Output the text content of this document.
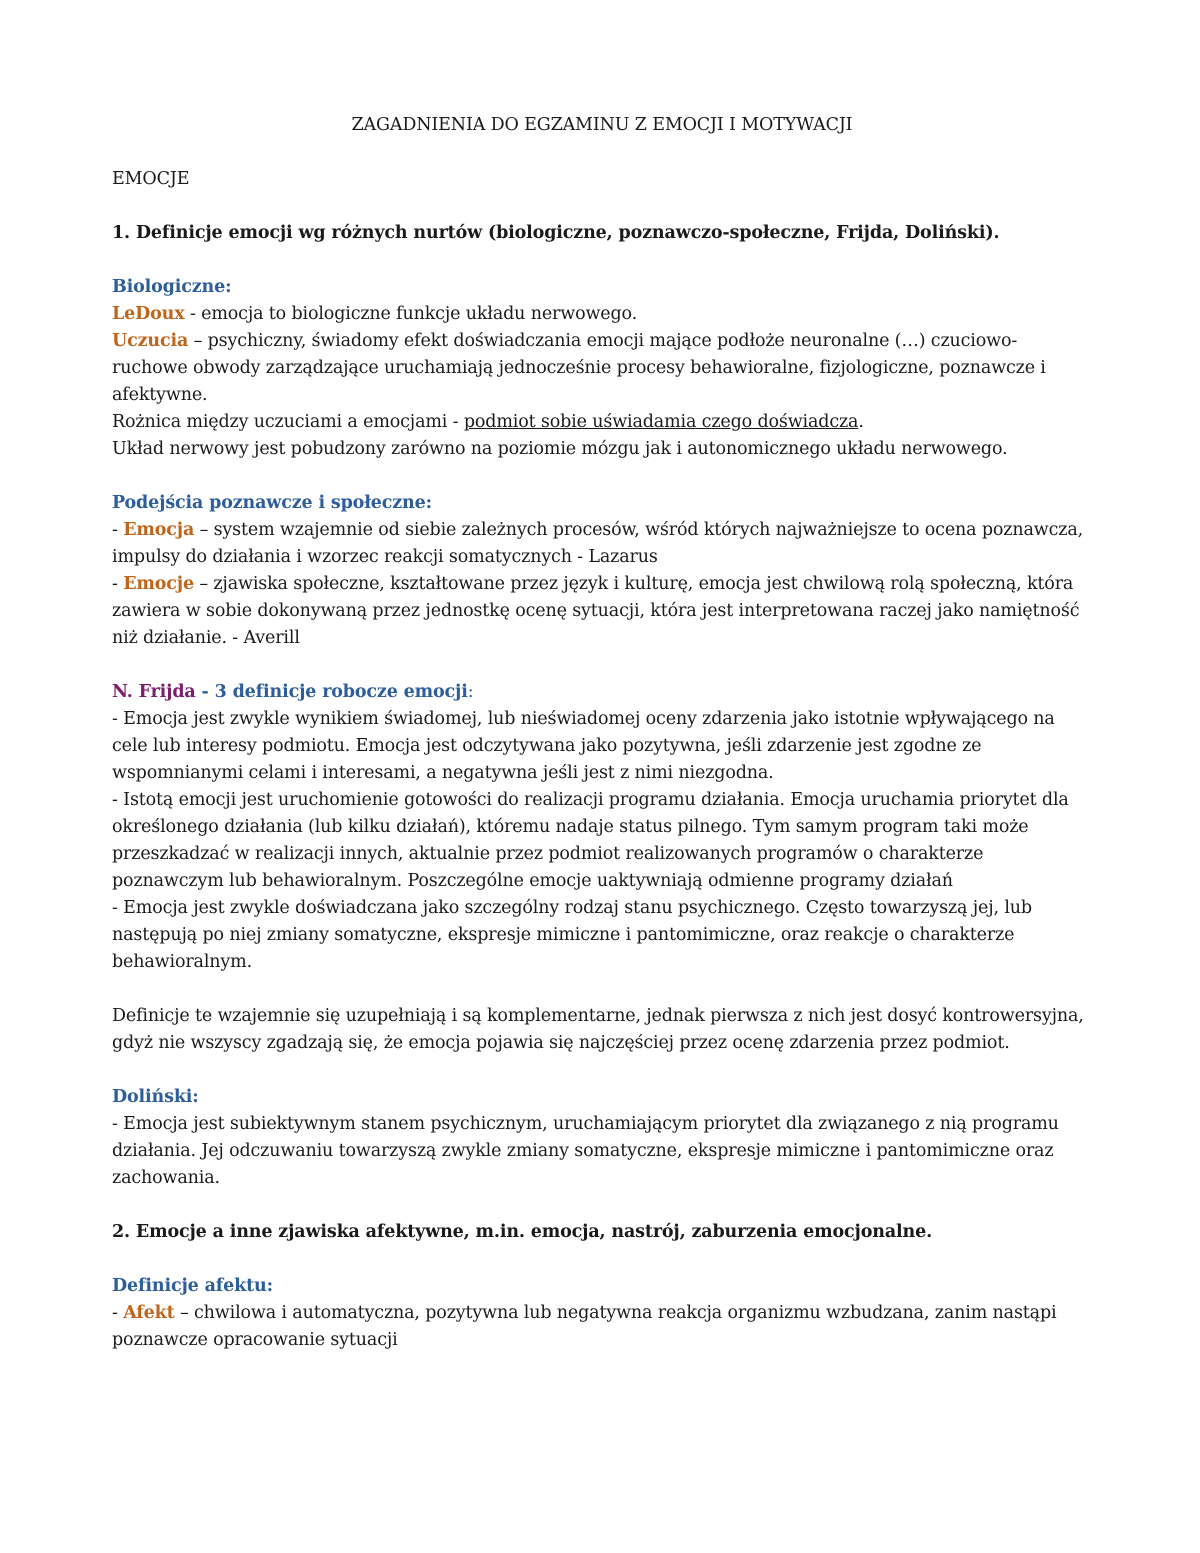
ZAGADNIENIA DO EGZAMINU Z EMOCJI I MOTYWACJI

EMOCJE

1. Definicje emocji wg różnych nurtów (biologiczne, poznawczo-społeczne, Frijda, Doliński).

Biologiczne:

LeDoux - emocja to biologiczne funkcje układu nerwowego.

Uczucia – psychiczny, świadomy efekt doświadczania emocji mające podłoże neuronalne (…) czuciowo-ruchowe obwody zarządzające uruchamiają jednocześnie procesy behawioralne, fizjologiczne, poznawcze i afektywne.

Rożnica między uczuciami a emocjami - podmiot sobie uświadamia czego doświadcza.

Układ nerwowy jest pobudzony zarówno na poziomie mózgu jak i autonomicznego układu nerwowego.

Podejścia poznawcze i społeczne:

- Emocja – system wzajemnie od siebie zależnych procesów, wśród których najważniejsze to ocena poznawcza, impulsy do działania i wzorzec reakcji somatycznych - Lazarus

- Emocje – zjawiska społeczne, kształtowane przez język i kulturę, emocja jest chwilową rolą społeczną, która zawiera w sobie dokonywaną przez jednostkę ocenę sytuacji, która jest interpretowana raczej jako namiętność niż działanie. - Averill

N. Frijda - 3 definicje robocze emocji:

- Emocja jest zwykle wynikiem świadomej, lub nieświadomej oceny zdarzenia jako istotnie wpływającego na cele lub interesy podmiotu. Emocja jest odczytywana jako pozytywna, jeśli zdarzenie jest zgodne ze wspomnianymi celami i interesami, a negatywna jeśli jest z nimi niezgodna.

- Istotą emocji jest uruchomienie gotowości do realizacji programu działania. Emocja uruchamia priorytet dla określonego działania (lub kilku działań), któremu nadaje status pilnego. Tym samym program taki może przeszkadzać w realizacji innych, aktualnie przez podmiot realizowanych programów o charakterze poznawczym lub behawioralnym. Poszczególne emocje uaktywniają odmienne programy działań

- Emocja jest zwykle doświadczana jako szczególny rodzaj stanu psychicznego. Często towarzyszą jej, lub następują po niej zmiany somatyczne, ekspresje mimiczne i pantomimiczne, oraz reakcje o charakterze behawioralnym.

Definicje te wzajemnie się uzupełniają i są komplementarne, jednak pierwsza z nich jest dosyć kontrowersyjna, gdyż nie wszyscy zgadzają się, że emocja pojawia się najczęściej przez ocenę zdarzenia przez podmiot.

Doliński:

- Emocja jest subiektywnym stanem psychicznym, uruchamiającym priorytet dla związanego z nią programu działania. Jej odczuwaniu towarzyszą zwykle zmiany somatyczne, ekspresje mimiczne i pantomimiczne oraz zachowania.

2. Emocje a inne zjawiska afektywne, m.in. emocja, nastrój, zaburzenia emocjonalne.

Definicje afektu:

- Afekt – chwilowa i automatyczna, pozytywna lub negatywna reakcja organizmu wzbudzana, zanim nastąpi poznawcze opracowanie sytuacji
